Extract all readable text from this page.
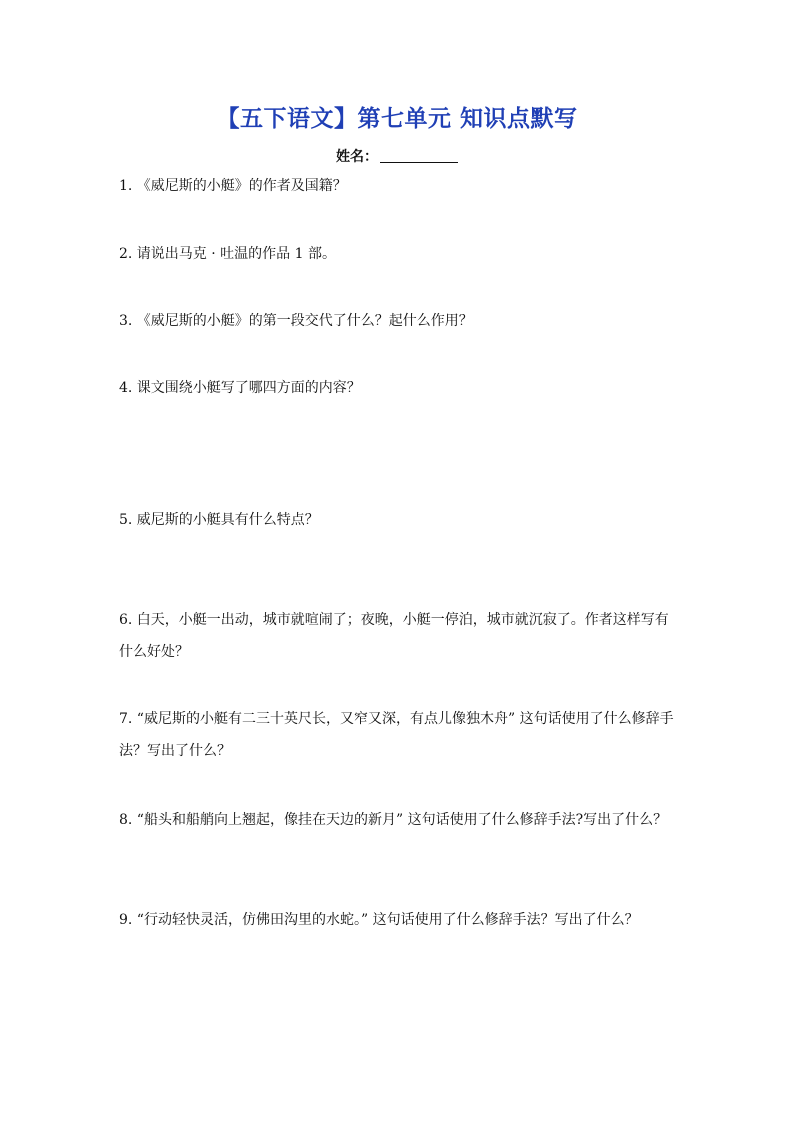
【五下语文】第七单元 知识点默写
姓名：
1. 《威尼斯的小艇》的作者及国籍？
2. 请说出马克 · 吐温的作品 1 部。
3. 《威尼斯的小艇》的第一段交代了什么？起什么作用？
4. 课文围绕小艇写了哪四方面的内容？
5. 威尼斯的小艇具有什么特点？
6. 白天，小艇一出动，城市就喧闹了；夜晚，小艇一停泊，城市就沉寂了。作者这样写有什么好处？
7. “威尼斯的小艇有二三十英尺长，又窄又深，有点儿像独木舟” 这句话使用了什么修辞手法？写出了什么？
8. “船头和船艄向上翘起，像挂在天边的新月” 这句话使用了什么修辞手法?写出了什么？
9. “行动轻快灵活，仿佛田沟里的水蛇。” 这句话使用了什么修辞手法？写出了什么？
